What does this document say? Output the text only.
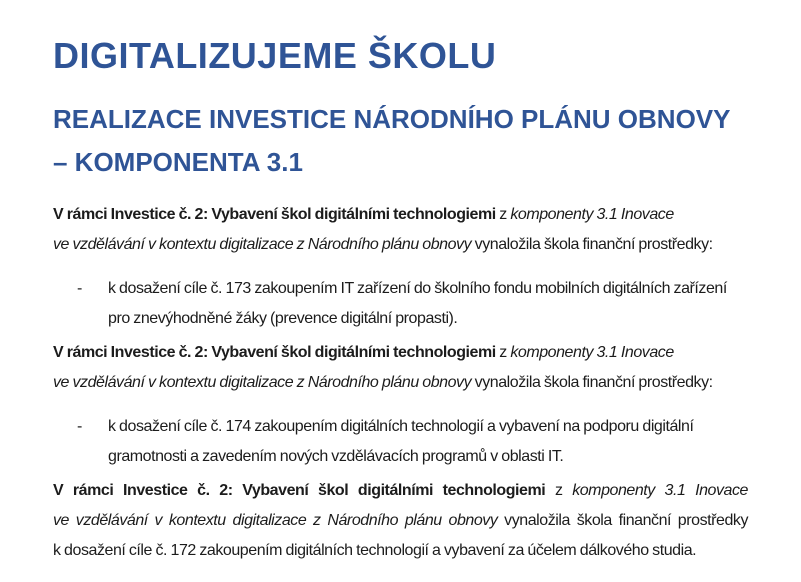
DIGITALIZUJEME ŠKOLU
REALIZACE INVESTICE NÁRODNÍHO PLÁNU OBNOVY
– KOMPONENTA 3.1
V rámci Investice č. 2: Vybavení škol digitálními technologiemi z komponenty 3.1 Inovace
ve vzdělávání v kontextu digitalizace z Národního plánu obnovy vynaložila škola finanční prostředky:
- k dosažení cíle č. 173 zakoupením IT zařízení do školního fondu mobilních digitálních zařízení
pro znevýhodněné žáky (prevence digitální propasti).
V rámci Investice č. 2: Vybavení škol digitálními technologiemi z komponenty 3.1 Inovace
ve vzdělávání v kontextu digitalizace z Národního plánu obnovy vynaložila škola finanční prostředky:
- k dosažení cíle č. 174 zakoupením digitálních technologií a vybavení na podporu digitální
gramotnosti a zavedením nových vzdělávacích programů v oblasti IT.
V rámci Investice č. 2: Vybavení škol digitálními technologiemi z komponenty 3.1 Inovace
ve vzdělávání v kontextu digitalizace z Národního plánu obnovy vynaložila škola finanční prostředky
k dosažení cíle č. 172 zakoupením digitálních technologií a vybavení za účelem dálkového studia.
